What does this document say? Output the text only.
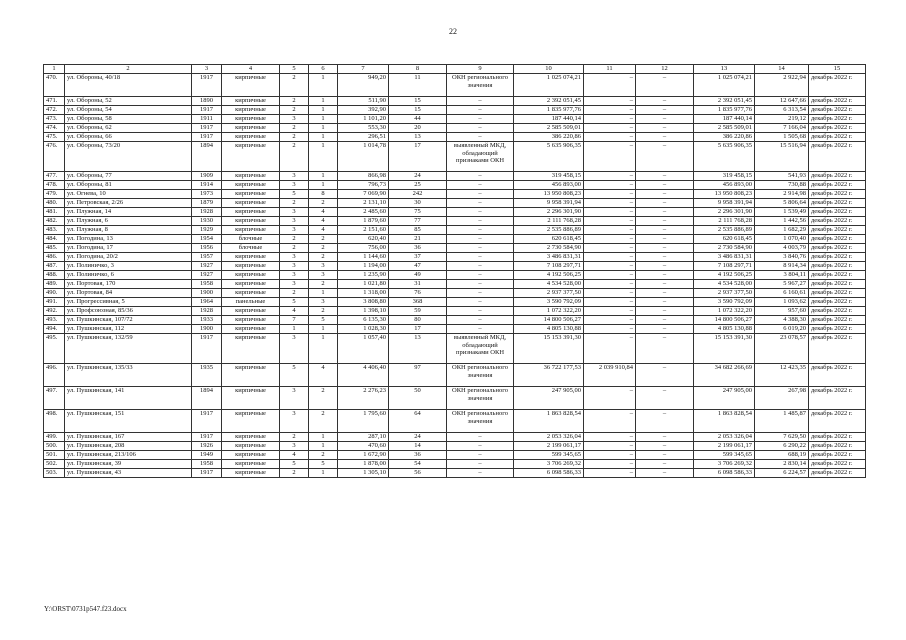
22
1	2	3	4	5	6	7	8	9	10	11	12	13	14	15
470.	ул. Обороны, 40/18	1917	кирпичные	2	1	949,20	11	ОКН регионального значения	1 025 074,21	–	–	1 025 074,21	2 922,94	декабрь 2022 г.
471.	ул. Обороны, 52	1890	кирпичные	2	1	511,90	15	–	2 392 051,45	–	–	2 392 051,45	12 647,66	декабрь 2022 г.
472.	ул. Обороны, 54	1917	кирпичные	2	1	392,90	15	–	1 835 977,76	–	–	1 835 977,76	6 313,54	декабрь 2022 г.
473.	ул. Обороны, 58	1911	кирпичные	3	1	1 101,20	44	–	187 440,14	–	–	187 440,14	219,12	декабрь 2022 г.
474.	ул. Обороны, 62	1917	кирпичные	2	1	553,30	20	–	2 585 509,01	–	–	2 585 509,01	7 166,04	декабрь 2022 г.
475.	ул. Обороны, 66	1917	кирпичные	2	1	296,51	13	–	386 220,86	–	–	386 220,86	1 505,68	декабрь 2022 г.
476.	ул. Обороны, 73/20	1894	кирпичные	2	1	1 014,78	17	выявленный МКД, обладающий признаками ОКН	5 635 906,35	–	–	5 635 906,35	15 516,94	декабрь 2022 г.
477.	ул. Обороны, 77	1909	кирпичные	3	1	866,98	24	–	319 458,15	–	–	319 458,15	541,93	декабрь 2022 г.
478.	ул. Обороны, 81	1914	кирпичные	3	1	796,73	25	–	456 893,00	–	–	456 893,00	730,88	декабрь 2022 г.
479.	ул. Огнева, 10	1973	кирпичные	5	8	7 069,90	242	–	13 950 808,23	–	–	13 950 808,23	2 914,98	декабрь 2022 г.
480.	ул. Петровская, 2/26	1879	кирпичные	2	2	2 131,10	30	–	9 958 391,94	–	–	9 958 391,94	5 806,64	декабрь 2022 г.
481.	ул. Плужная, 14	1928	кирпичные	3	4	2 485,60	75	–	2 296 301,90	–	–	2 296 301,90	1 539,49	декабрь 2022 г.
482.	ул. Плужная, 6	1930	кирпичные	3	4	1 879,60	77	–	2 111 768,28	–	–	2 111 768,28	1 442,56	декабрь 2022 г.
483.	ул. Плужная, 8	1929	кирпичные	3	4	2 151,60	85	–	2 535 886,89	–	–	2 535 886,89	1 682,29	декабрь 2022 г.
484.	ул. Погодина, 13	1954	блочные	2	2	620,40	21	–	620 618,45	–	–	620 618,45	1 070,40	декабрь 2022 г.
485.	ул. Погодина, 17	1956	блочные	2	2	756,00	36	–	2 730 584,90	–	–	2 730 584,90	4 003,79	декабрь 2022 г.
486.	ул. Погодина, 20/2	1957	кирпичные	3	2	1 144,60	37	–	3 486 831,31	–	–	3 486 831,31	3 840,76	декабрь 2022 г.
487.	ул. Полиничко, 3	1927	кирпичные	3	3	1 194,00	47	–	7 108 297,71	–	–	7 108 297,71	8 914,34	декабрь 2022 г.
488.	ул. Полиничко, 6	1927	кирпичные	3	3	1 235,90	49	–	4 192 506,25	–	–	4 192 506,25	3 804,11	декабрь 2022 г.
489.	ул. Портовая, 170	1958	кирпичные	3	2	1 021,80	31	–	4 534 528,00	–	–	4 534 528,00	5 967,27	декабрь 2022 г.
490.	ул. Портовая, 84	1900	кирпичные	2	1	1 318,00	76	–	2 937 377,50	–	–	2 937 377,50	6 160,61	декабрь 2022 г.
491.	ул. Прогрессивная, 5	1964	панельные	5	3	3 808,80	368	–	3 590 792,09	–	–	3 590 792,09	1 093,62	декабрь 2022 г.
492.	ул. Профсоюзная, 85/36	1928	кирпичные	4	2	1 398,10	59	–	1 072 322,20	–	–	1 072 322,20	957,60	декабрь 2022 г.
493.	ул. Пушкинская, 107/72	1933	кирпичные	7	5	6 135,30	80	–	14 800 506,27	–	–	14 800 506,27	4 388,30	декабрь 2022 г.
494.	ул. Пушкинская, 112	1900	кирпичные	1	1	1 028,30	17	–	4 805 130,88	–	–	4 805 130,88	6 019,20	декабрь 2022 г.
495.	ул. Пушкинская, 132/59	1917	кирпичные	3	1	1 057,40	13	выявленный МКД, обладающий признаками ОКН	15 153 391,30	–	–	15 153 391,30	23 078,57	декабрь 2022 г.
496.	ул. Пушкинская, 135/33	1935	кирпичные	5	4	4 406,40	97	ОКН регионального значения	36 722 177,53	2 039 910,84	–	34 682 266,69	12 423,35	декабрь 2022 г.
497.	ул. Пушкинская, 141	1894	кирпичные	3	2	2 276,23	50	ОКН регионального значения	247 905,00	–	–	247 905,00	267,98	декабрь 2022 г.
498.	ул. Пушкинская, 151	1917	кирпичные	3	2	1 795,60	64	ОКН регионального значения	1 863 828,54	–	–	1 863 828,54	1 485,87	декабрь 2022 г.
499.	ул. Пушкинская, 167	1917	кирпичные	2	1	287,10	24	–	2 053 326,04	–	–	2 053 326,04	7 629,50	декабрь 2022 г.
500.	ул. Пушкинская, 208	1926	кирпичные	3	1	470,60	14	–	2 199 061,17	–	–	2 199 061,17	6 290,22	декабрь 2022 г.
501.	ул. Пушкинская, 213/106	1949	кирпичные	4	2	1 672,90	36	–	599 345,65	–	–	599 345,65	688,19	декабрь 2022 г.
502.	ул. Пушкинская, 39	1958	кирпичные	5	5	1 878,00	54	–	3 706 269,32	–	–	3 706 269,32	2 830,14	декабрь 2022 г.
503.	ул. Пушкинская, 43	1917	кирпичные	2	1	1 305,10	56	–	6 098 586,33	–	–	6 098 586,33	6 224,57	декабрь 2022 г.
Y:\ORST\0731p547.f23.docx
